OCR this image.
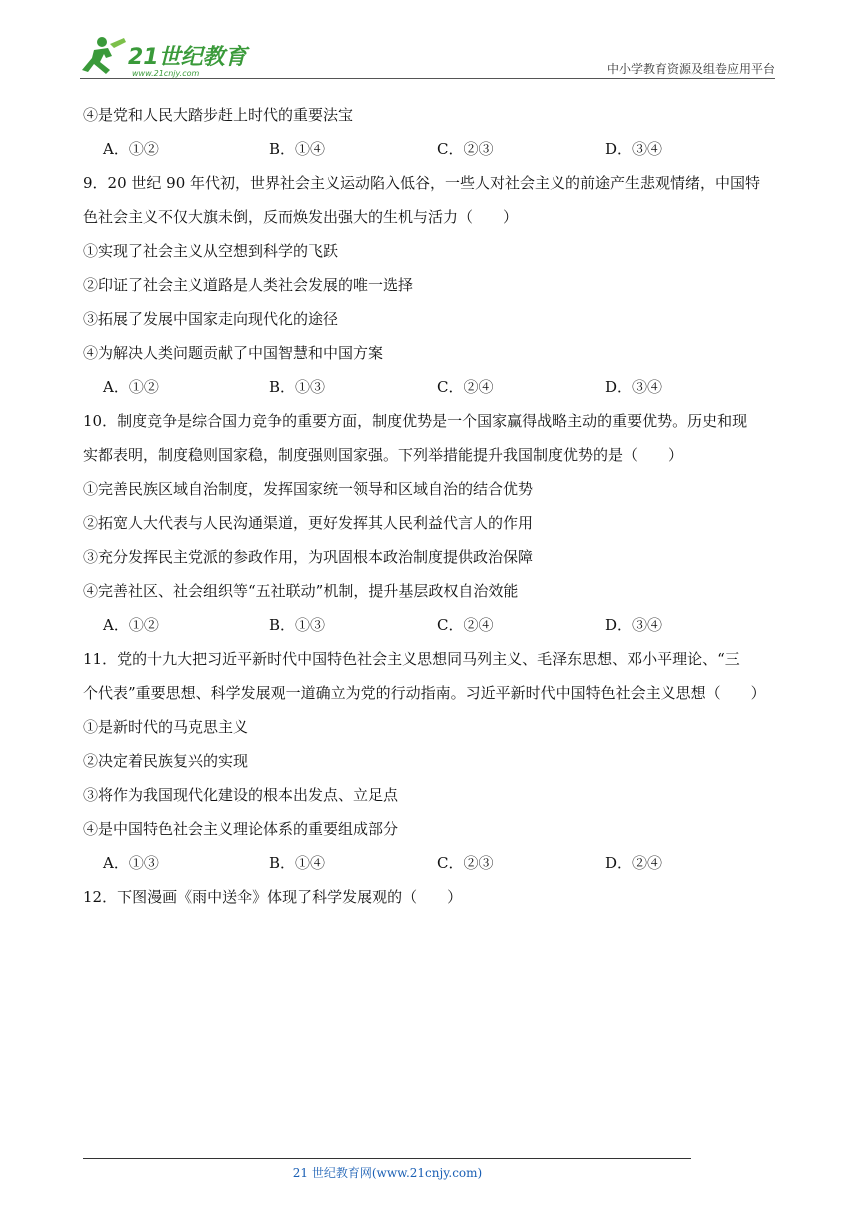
21世纪教育
www.21cnjy.com	中小学教育资源及组卷应用平台
④是党和人民大踏步赶上时代的重要法宝
A．①②	B．①④	C．②③	D．③④
9．20 世纪 90 年代初，世界社会主义运动陷入低谷，一些人对社会主义的前途产生悲观情绪，中国特
色社会主义不仅大旗未倒，反而焕发出强大的生机与活力（　　）
①实现了社会主义从空想到科学的飞跃
②印证了社会主义道路是人类社会发展的唯一选择
③拓展了发展中国家走向现代化的途径
④为解决人类问题贡献了中国智慧和中国方案
A．①②	B．①③	C．②④	D．③④
10．制度竞争是综合国力竞争的重要方面，制度优势是一个国家赢得战略主动的重要优势。历史和现
实都表明，制度稳则国家稳，制度强则国家强。下列举措能提升我国制度优势的是（　　）
①完善民族区域自治制度，发挥国家统一领导和区域自治的结合优势
②拓宽人大代表与人民沟通渠道，更好发挥其人民利益代言人的作用
③充分发挥民主党派的参政作用，为巩固根本政治制度提供政治保障
④完善社区、社会组织等“五社联动”机制，提升基层政权自治效能
A．①②	B．①③	C．②④	D．③④
11．党的十九大把习近平新时代中国特色社会主义思想同马列主义、毛泽东思想、邓小平理论、“三
个代表”重要思想、科学发展观一道确立为党的行动指南。习近平新时代中国特色社会主义思想（　　）
①是新时代的马克思主义
②决定着民族复兴的实现
③将作为我国现代化建设的根本出发点、立足点
④是中国特色社会主义理论体系的重要组成部分
A．①③	B．①④	C．②③	D．②④
12．下图漫画《雨中送伞》体现了科学发展观的（　　）
21 世纪教育网(www.21cnjy.com)
